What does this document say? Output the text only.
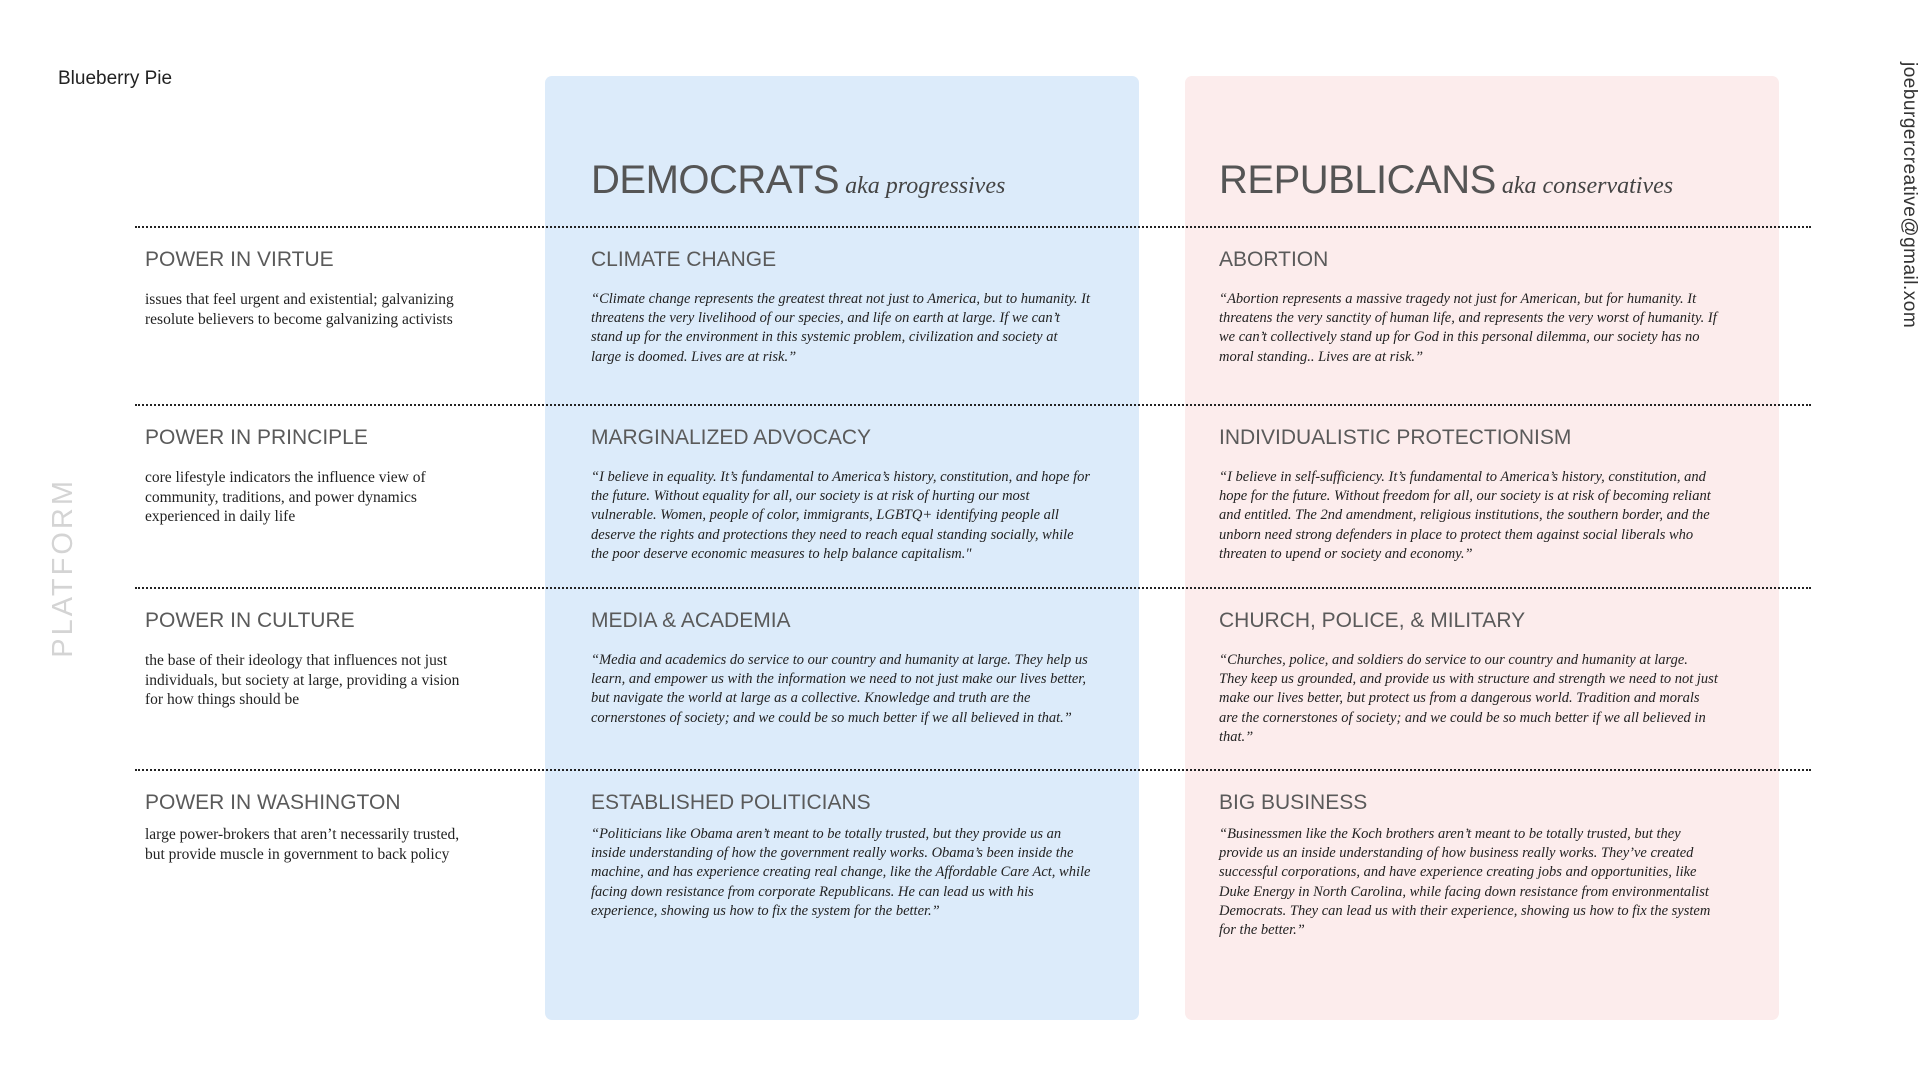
Blueberry Pie	joeburgercreative@gmail.xom
PLATFORM
DEMOCRATS aka progressives	REPUBLICANS aka conservatives
POWER IN VIRTUE
issues that feel urgent and existential; galvanizing resolute believers to become galvanizing activists
CLIMATE CHANGE
“Climate change represents the greatest threat not just to America, but to humanity. It threatens the very livelihood of our species, and life on earth at large. If we can’t stand up for the environment in this systemic problem, civilization and society at large is doomed. Lives are at risk.”
ABORTION
“Abortion represents a massive tragedy not just for American, but for humanity. It threatens the very sanctity of human life, and represents the very worst of humanity. If we can’t collectively stand up for God in this personal dilemma, our society has no moral standing.. Lives are at risk.”
POWER IN PRINCIPLE
core lifestyle indicators the influence view of community, traditions, and power dynamics experienced in daily life
MARGINALIZED ADVOCACY
“I believe in equality. It’s fundamental to America’s history, constitution, and hope for the future. Without equality for all, our society is at risk of hurting our most vulnerable. Women, people of color, immigrants, LGBTQ+ identifying people all deserve the rights and protections they need to reach equal standing socially, while the poor deserve economic measures to help balance capitalism."
INDIVIDUALISTIC PROTECTIONISM
“I believe in self-sufficiency. It’s fundamental to America’s history, constitution, and hope for the future. Without freedom for all, our society is at risk of becoming reliant and entitled. The 2nd amendment, religious institutions, the southern border, and the unborn need strong defenders in place to protect them against social liberals who threaten to upend or society and economy.”
POWER IN CULTURE
the base of their ideology that influences not just individuals, but society at large, providing a vision for how things should be
MEDIA & ACADEMIA
“Media and academics do service to our country and humanity at large. They help us learn, and empower us with the information we need to not just make our lives better, but navigate the world at large as a collective. Knowledge and truth are the cornerstones of society; and we could be so much better if we all believed in that.”
CHURCH, POLICE, & MILITARY
“Churches, police, and soldiers do service to our country and humanity at large. They keep us grounded, and provide us with structure and strength we need to not just make our lives better, but protect us from a dangerous world. Tradition and morals are the cornerstones of society; and we could be so much better if we all believed in that.”
POWER IN WASHINGTON
large power-brokers that aren’t necessarily trusted, but provide muscle in government to back policy
ESTABLISHED POLITICIANS
“Politicians like Obama aren’t meant to be totally trusted, but they provide us an inside understanding of how the government really works. Obama’s been inside the machine, and has experience creating real change, like the Affordable Care Act, while facing down resistance from corporate Republicans. He can lead us with his experience, showing us how to fix the system for the better.”
BIG BUSINESS
“Businessmen like the Koch brothers aren’t meant to be totally trusted, but they provide us an inside understanding of how business really works. They’ve created successful corporations, and have experience creating jobs and opportunities, like Duke Energy in North Carolina, while facing down resistance from environmentalist Democrats. They can lead us with their experience, showing us how to fix the system for the better.”
